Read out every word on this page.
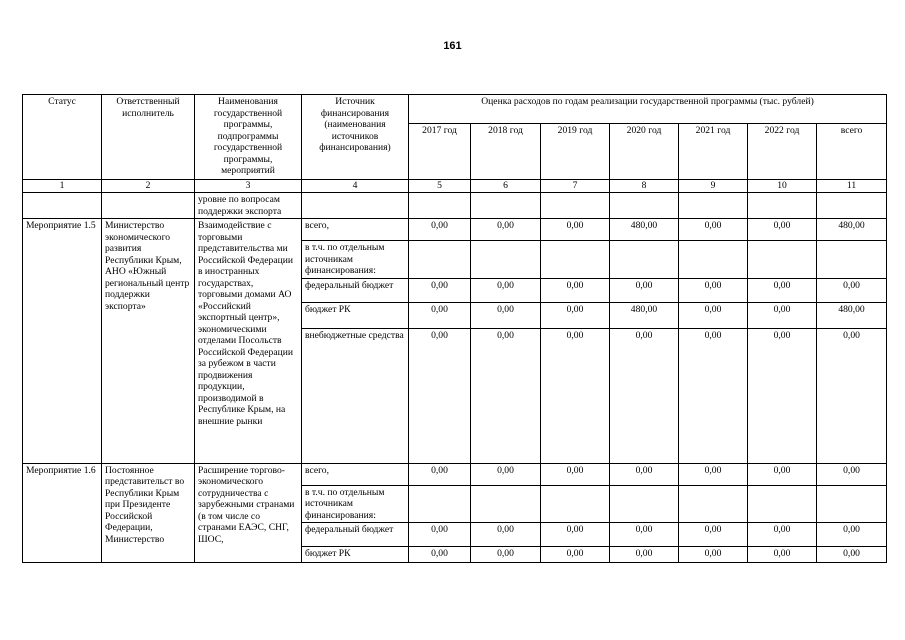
161
Статус	Ответственный исполнитель	Наименования государственной программы, подпрограммы государственной программы, мероприятий	Источник финансирования (наименования источников финансирования)	Оценка расходов по годам реализации государственной программы (тыс. рублей)						
				2017 год	2018 год	2019 год	2020 год	2021 год	2022 год	всего
1	2	3	4	5	6	7	8	9	10	11
		уровне по вопросам поддержки экспорта								
Мероприятие 1.5	Министерство экономического развития Республики Крым, АНО «Южный региональный центр поддержки экспорта»	Взаимодействие с торговыми представительства ми Российской Федерации в иностранных государствах, торговыми домами АО «Российский экспортный центр», экономическими отделами Посольств Российской Федерации за рубежом в части продвижения продукции, производимой в Республике Крым, на внешние рынки	всего,	0,00	0,00	0,00	480,00	0,00	0,00	480,00
			в т.ч. по отдельным источникам финансирования:							
			федеральный бюджет	0,00	0,00	0,00	0,00	0,00	0,00	0,00
			бюджет РК	0,00	0,00	0,00	480,00	0,00	0,00	480,00
			внебюджетные средства	0,00	0,00	0,00	0,00	0,00	0,00	0,00
Мероприятие 1.6	Постоянное представительст во Республики Крым при Президенте Российской Федерации, Министерство	Расширение торгово-экономического сотрудничества с зарубежными странами (в том числе со странами ЕАЭС, СНГ, ШОС,	всего,	0,00	0,00	0,00	0,00	0,00	0,00	0,00
			в т.ч. по отдельным источникам финансирования:							
			федеральный бюджет	0,00	0,00	0,00	0,00	0,00	0,00	0,00
			бюджет РК	0,00	0,00	0,00	0,00	0,00	0,00	0,00
